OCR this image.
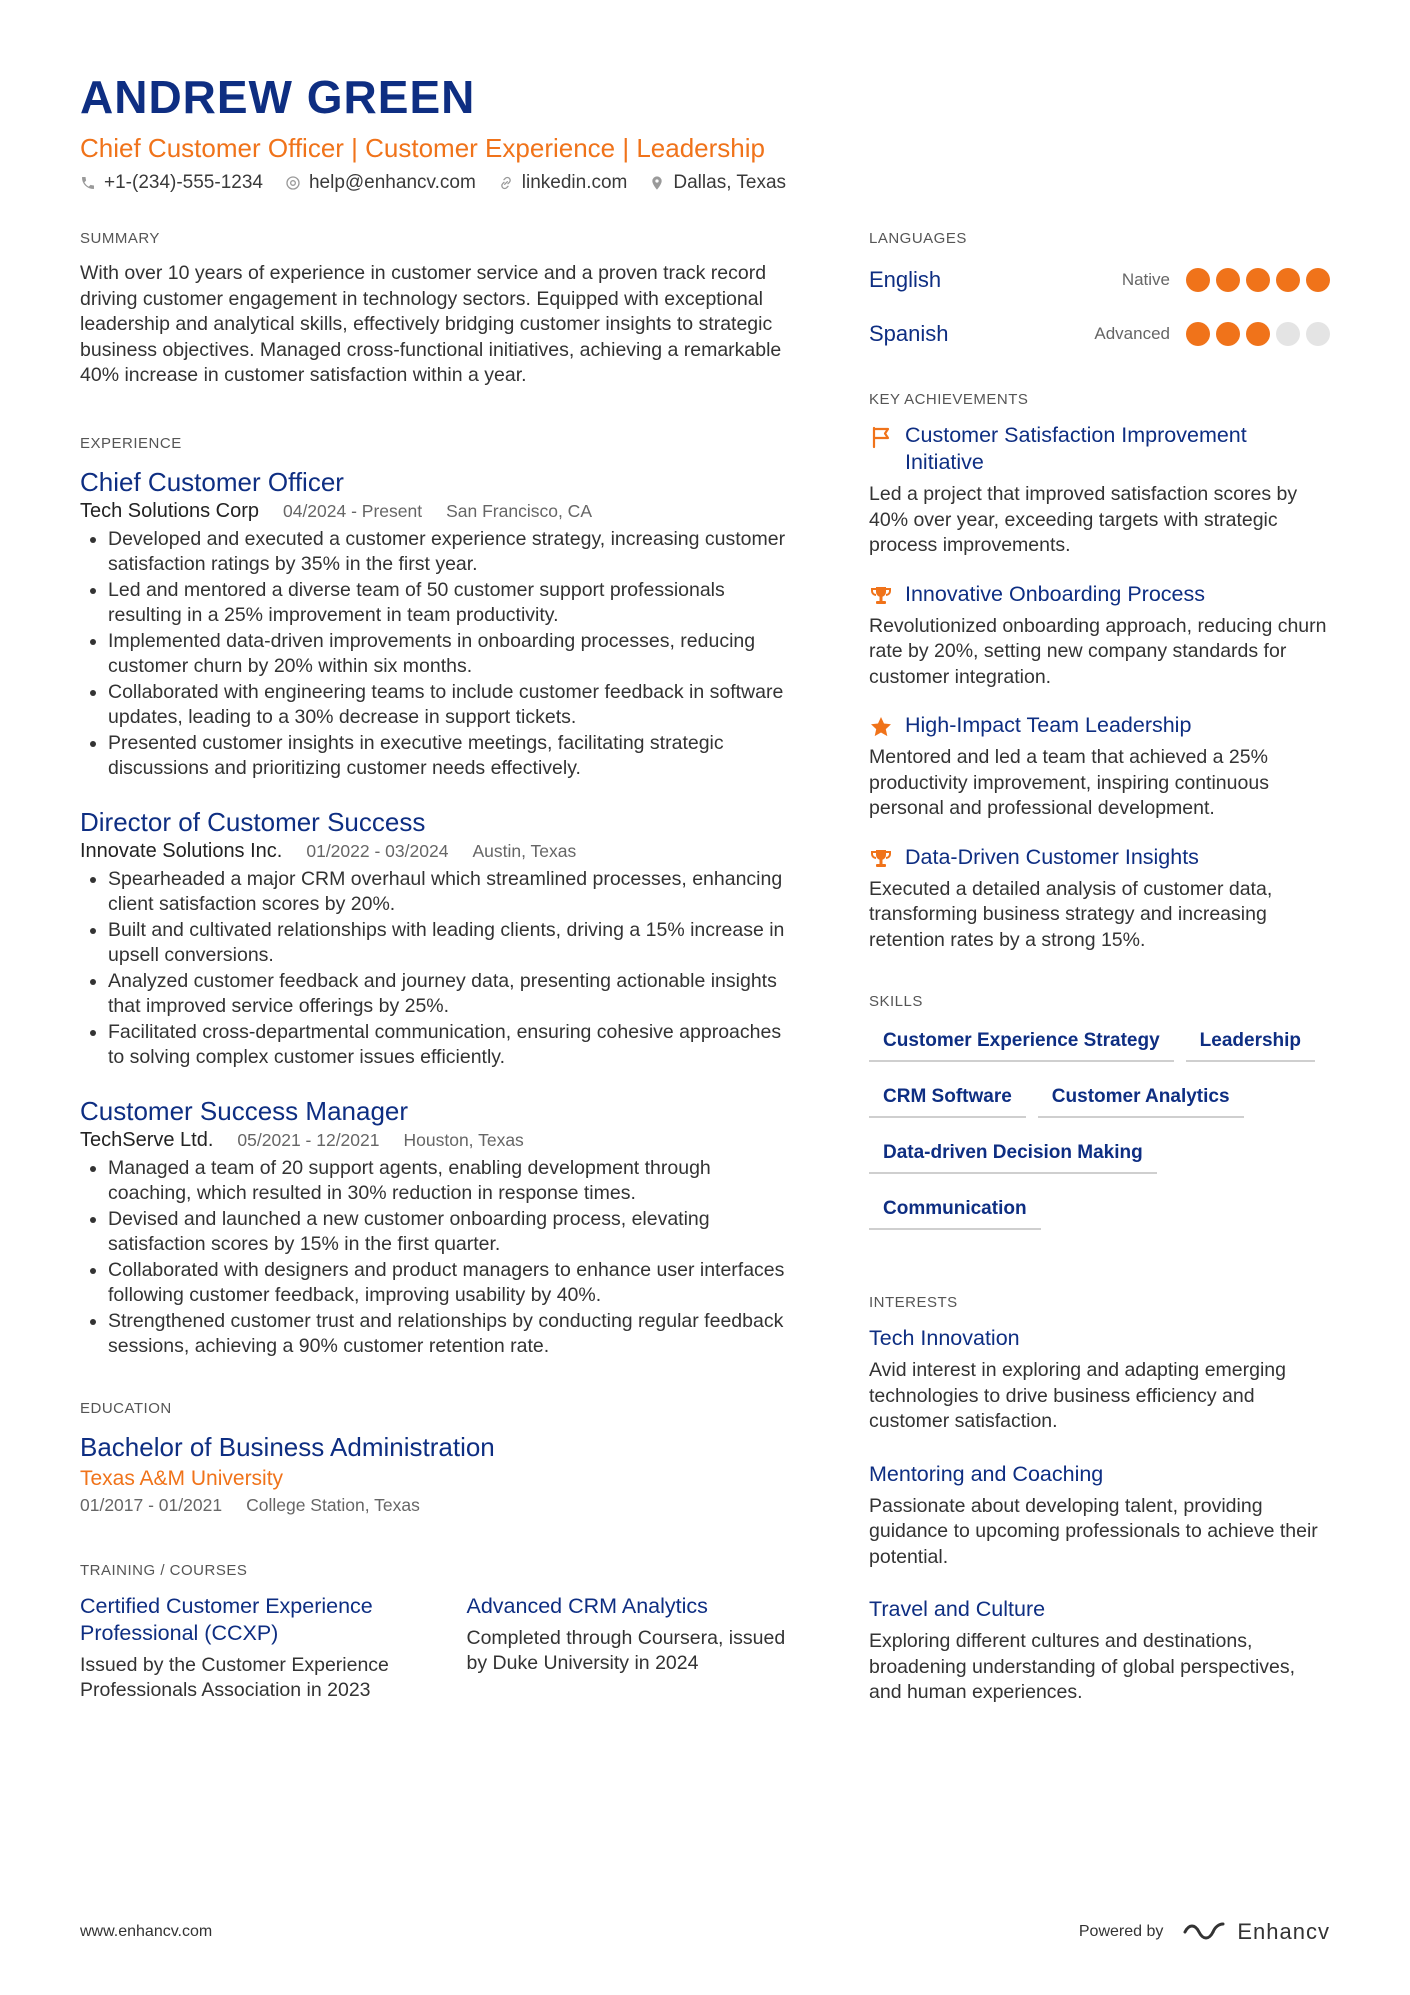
ANDREW GREEN
Chief Customer Officer | Customer Experience | Leadership
+1-(234)-555-1234 help@enhancv.com linkedin.com Dallas, Texas
SUMMARY
With over 10 years of experience in customer service and a proven track record driving customer engagement in technology sectors. Equipped with exceptional leadership and analytical skills, effectively bridging customer insights to strategic business objectives. Managed cross-functional initiatives, achieving a remarkable 40% increase in customer satisfaction within a year.
EXPERIENCE
Chief Customer Officer
Tech Solutions Corp 04/2024 - Present San Francisco, CA
• Developed and executed a customer experience strategy, increasing customer satisfaction ratings by 35% in the first year.
• Led and mentored a diverse team of 50 customer support professionals resulting in a 25% improvement in team productivity.
• Implemented data-driven improvements in onboarding processes, reducing customer churn by 20% within six months.
• Collaborated with engineering teams to include customer feedback in software updates, leading to a 30% decrease in support tickets.
• Presented customer insights in executive meetings, facilitating strategic discussions and prioritizing customer needs effectively.
Director of Customer Success
Innovate Solutions Inc. 01/2022 - 03/2024 Austin, Texas
• Spearheaded a major CRM overhaul which streamlined processes, enhancing client satisfaction scores by 20%.
• Built and cultivated relationships with leading clients, driving a 15% increase in upsell conversions.
• Analyzed customer feedback and journey data, presenting actionable insights that improved service offerings by 25%.
• Facilitated cross-departmental communication, ensuring cohesive approaches to solving complex customer issues efficiently.
Customer Success Manager
TechServe Ltd. 05/2021 - 12/2021 Houston, Texas
• Managed a team of 20 support agents, enabling development through coaching, which resulted in 30% reduction in response times.
• Devised and launched a new customer onboarding process, elevating satisfaction scores by 15% in the first quarter.
• Collaborated with designers and product managers to enhance user interfaces following customer feedback, improving usability by 40%.
• Strengthened customer trust and relationships by conducting regular feedback sessions, achieving a 90% customer retention rate.
EDUCATION
Bachelor of Business Administration
Texas A&M University
01/2017 - 01/2021 College Station, Texas
TRAINING / COURSES
Certified Customer Experience Professional (CCXP)
Issued by the Customer Experience Professionals Association in 2023
Advanced CRM Analytics
Completed through Coursera, issued by Duke University in 2024
LANGUAGES
English	Native
Spanish	Advanced
KEY ACHIEVEMENTS
Customer Satisfaction Improvement Initiative
Led a project that improved satisfaction scores by 40% over year, exceeding targets with strategic process improvements.
Innovative Onboarding Process
Revolutionized onboarding approach, reducing churn rate by 20%, setting new company standards for customer integration.
High-Impact Team Leadership
Mentored and led a team that achieved a 25% productivity improvement, inspiring continuous personal and professional development.
Data-Driven Customer Insights
Executed a detailed analysis of customer data, transforming business strategy and increasing retention rates by a strong 15%.
SKILLS
Customer Experience Strategy	Leadership
CRM Software	Customer Analytics
Data-driven Decision Making
Communication
INTERESTS
Tech Innovation
Avid interest in exploring and adapting emerging technologies to drive business efficiency and customer satisfaction.
Mentoring and Coaching
Passionate about developing talent, providing guidance to upcoming professionals to achieve their potential.
Travel and Culture
Exploring different cultures and destinations, broadening understanding of global perspectives, and human experiences.
www.enhancv.com	Powered by	Enhancv
